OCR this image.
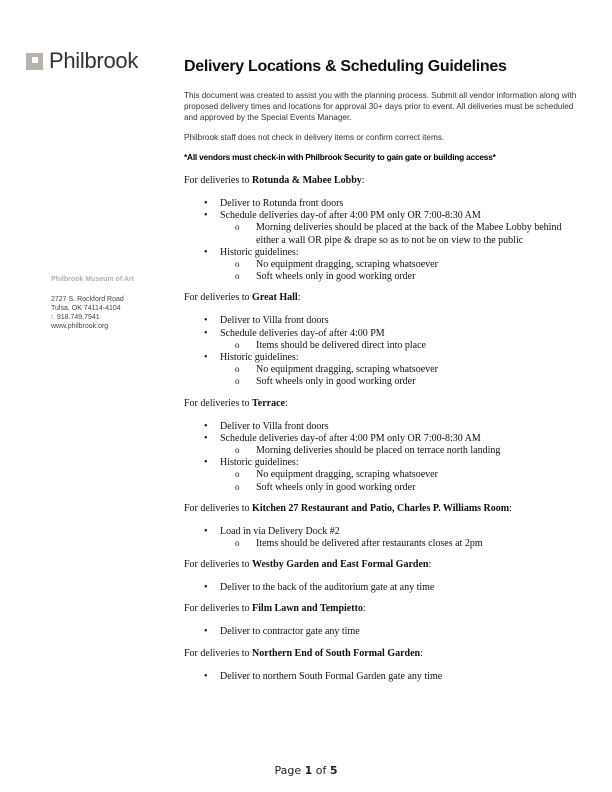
Philbrook
Philbrook Museum of Art
2727 S. Rockford Road
Tulsa, OK 74114-4104
t. 918.749.7941
www.philbrook.org
Delivery Locations & Scheduling Guidelines

This document was created to assist you with the planning process. Submit all vendor information along with proposed delivery times and locations for approval 30+ days prior to event. All deliveries must be scheduled and approved by the Special Events Manager.

Philbrook staff does not check in delivery items or confirm correct items.

*All vendors must check-in with Philbrook Security to gain gate or building access*

For deliveries to Rotunda & Mabee Lobby:

• Deliver to Rotunda front doors
• Schedule deliveries day-of after 4:00 PM only OR 7:00-8:30 AM
o Morning deliveries should be placed at the back of the Mabee Lobby behind either a wall OR pipe & drape so as to not be on view to the public
• Historic guidelines:
o No equipment dragging, scraping whatsoever
o Soft wheels only in good working order

For deliveries to Great Hall:

• Deliver to Villa front doors
• Schedule deliveries day-of after 4:00 PM
o Items should be delivered direct into place
• Historic guidelines:
o No equipment dragging, scraping whatsoever
o Soft wheels only in good working order

For deliveries to Terrace:

• Deliver to Villa front doors
• Schedule deliveries day-of after 4:00 PM only OR 7:00-8:30 AM
o Morning deliveries should be placed on terrace north landing
• Historic guidelines:
o No equipment dragging, scraping whatsoever
o Soft wheels only in good working order

For deliveries to Kitchen 27 Restaurant and Patio, Charles P. Williams Room:

• Load in via Delivery Dock #2
o Items should be delivered after restaurants closes at 2pm

For deliveries to Westby Garden and East Formal Garden:

• Deliver to the back of the auditorium gate at any time

For deliveries to Film Lawn and Tempietto:

• Deliver to contractor gate any time

For deliveries to Northern End of South Formal Garden:

• Deliver to northern South Formal Garden gate any time
Page 1 of 5
